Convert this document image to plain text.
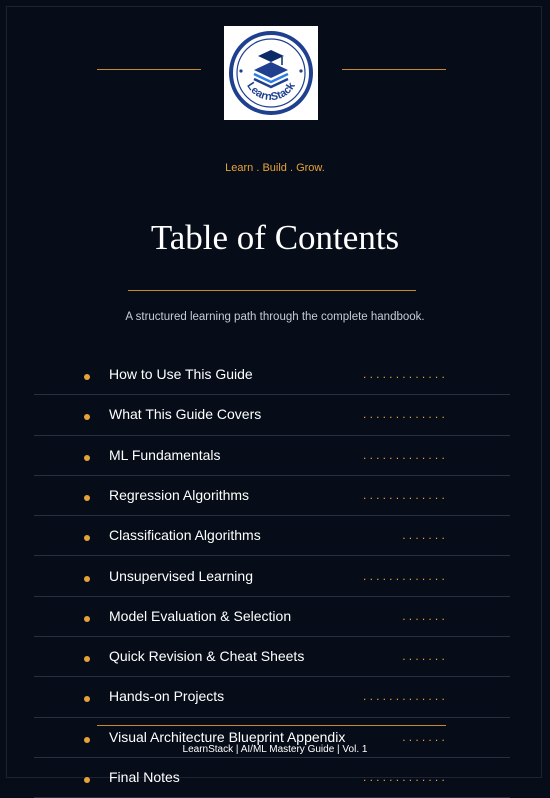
LearnStack
Learn . Build . Grow.
Table of Contents
A structured learning path through the complete handbook.
How to Use This Guide	.............
What This Guide Covers	.............
ML Fundamentals	.............
Regression Algorithms	.............
Classification Algorithms	.......
Unsupervised Learning	.............
Model Evaluation & Selection	.......
Quick Revision & Cheat Sheets	.......
Hands-on Projects	.............
Visual Architecture Blueprint Appendix	.......
Final Notes	.............
LearnStack | AI/ML Mastery Guide | Vol. 1
